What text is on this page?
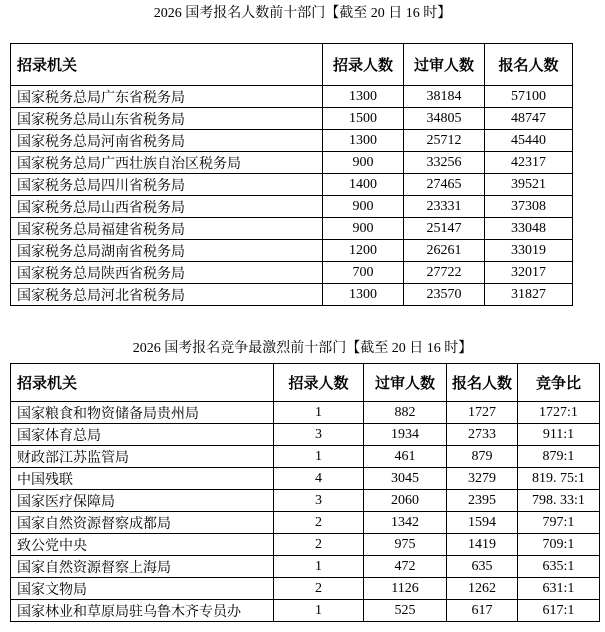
2026 国考报名人数前十部门【截至 20 日 16 时】
招录机关	招录人数	过审人数	报名人数
国家税务总局广东省税务局	1300	38184	57100
国家税务总局山东省税务局	1500	34805	48747
国家税务总局河南省税务局	1300	25712	45440
国家税务总局广西壮族自治区税务局	900	33256	42317
国家税务总局四川省税务局	1400	27465	39521
国家税务总局山西省税务局	900	23331	37308
国家税务总局福建省税务局	900	25147	33048
国家税务总局湖南省税务局	1200	26261	33019
国家税务总局陕西省税务局	700	27722	32017
国家税务总局河北省税务局	1300	23570	31827
2026 国考报名竞争最激烈前十部门【截至 20 日 16 时】
招录机关	招录人数	过审人数	报名人数	竞争比
国家粮食和物资储备局贵州局	1	882	1727	1727:1
国家体育总局	3	1934	2733	911:1
财政部江苏监管局	1	461	879	879:1
中国残联	4	3045	3279	819. 75:1
国家医疗保障局	3	2060	2395	798. 33:1
国家自然资源督察成都局	2	1342	1594	797:1
致公党中央	2	975	1419	709:1
国家自然资源督察上海局	1	472	635	635:1
国家文物局	2	1126	1262	631:1
国家林业和草原局驻乌鲁木齐专员办	1	525	617	617:1
